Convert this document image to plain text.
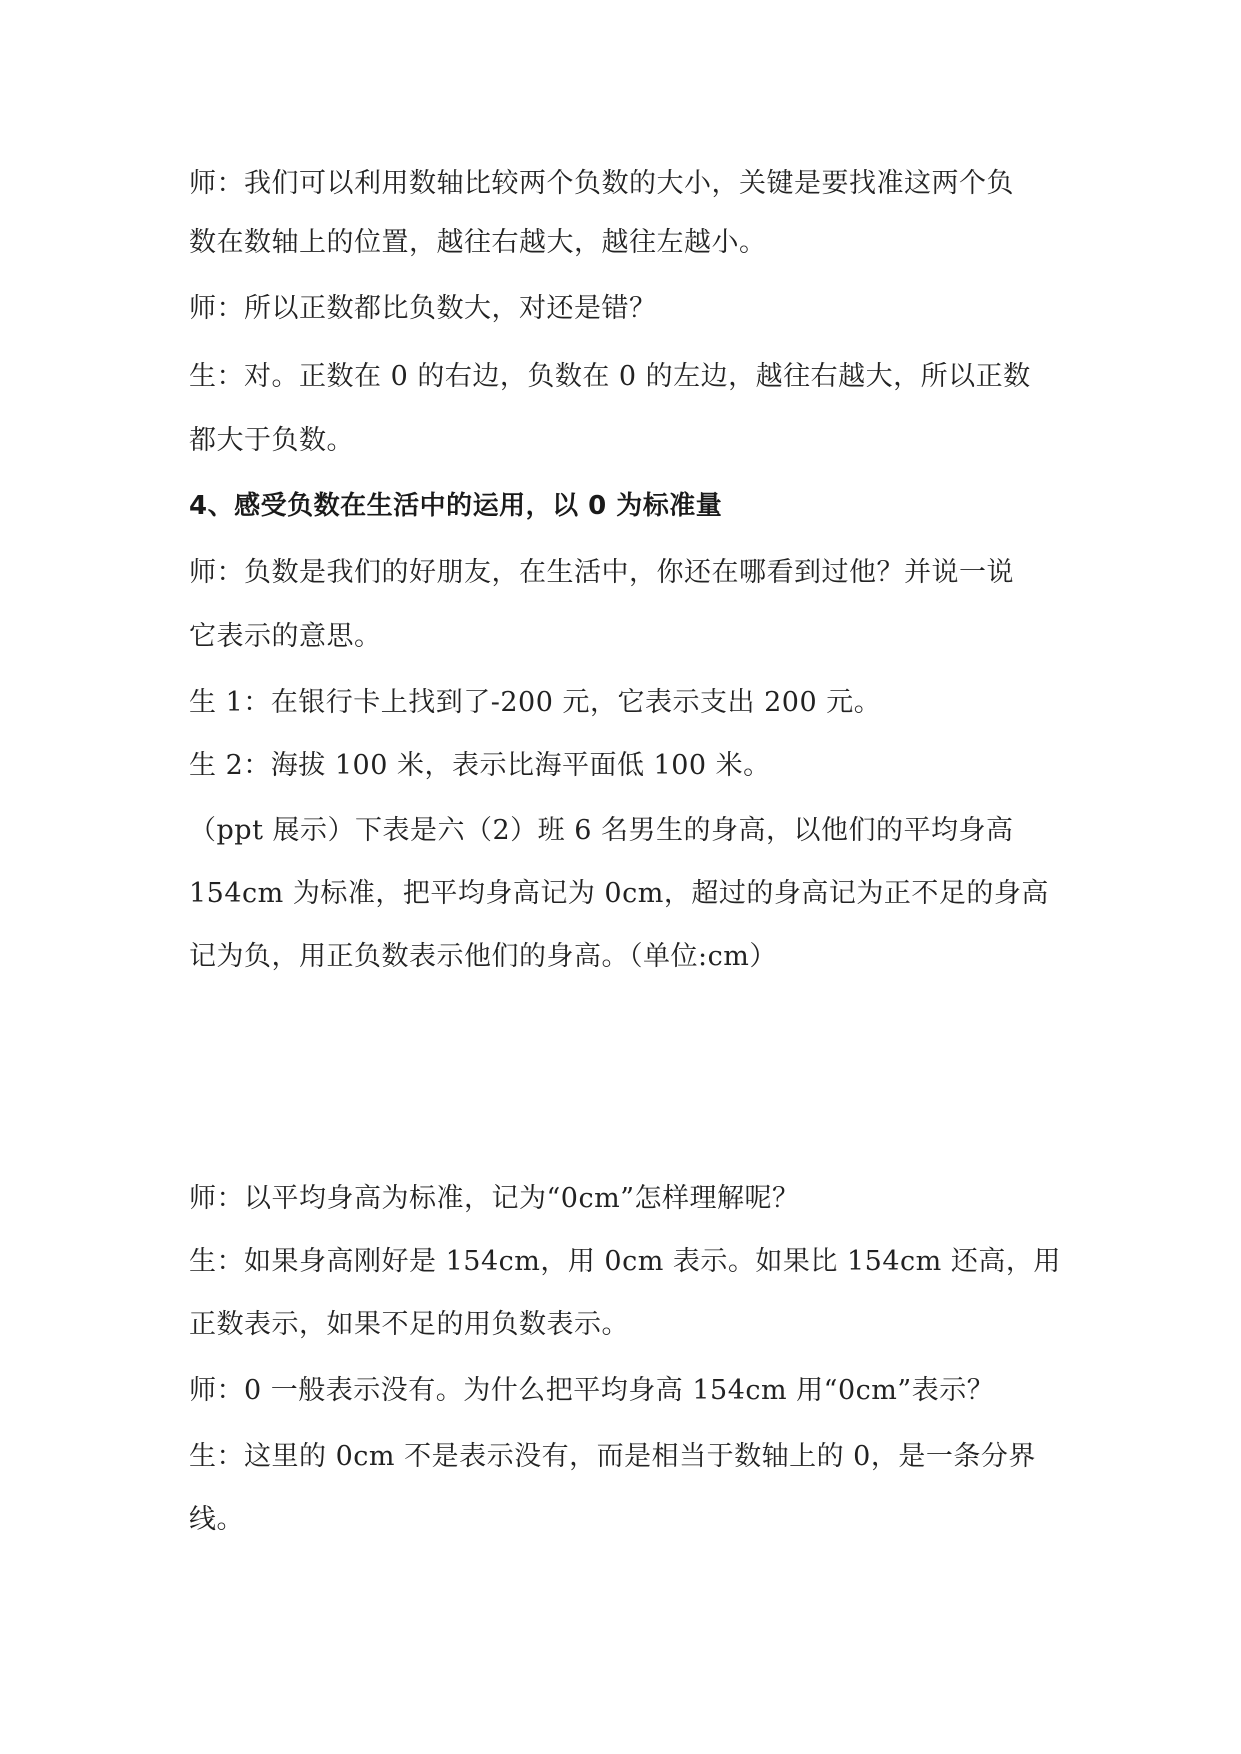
师：我们可以利用数轴比较两个负数的大小，关键是要找准这两个负
数在数轴上的位置，越往右越大，越往左越小。
师：所以正数都比负数大，对还是错？
生：对。正数在 0 的右边，负数在 0 的左边，越往右越大，所以正数
都大于负数。
4、感受负数在生活中的运用，以 0 为标准量
师：负数是我们的好朋友，在生活中，你还在哪看到过他？并说一说
它表示的意思。
生 1：在银行卡上找到了-200 元，它表示支出 200 元。
生 2：海拔 100 米，表示比海平面低 100 米。
（ppt 展示）下表是六（2）班 6 名男生的身高，以他们的平均身高
154cm 为标准，把平均身高记为 0cm，超过的身高记为正不足的身高
记为负，用正负数表示他们的身高。（单位:cm）
师：以平均身高为标准，记为“0cm”怎样理解呢？
生：如果身高刚好是 154cm，用 0cm 表示。如果比 154cm 还高，用
正数表示，如果不足的用负数表示。
师：0 一般表示没有。为什么把平均身高 154cm 用“0cm”表示？
生：这里的 0cm 不是表示没有，而是相当于数轴上的 0，是一条分界
线。
